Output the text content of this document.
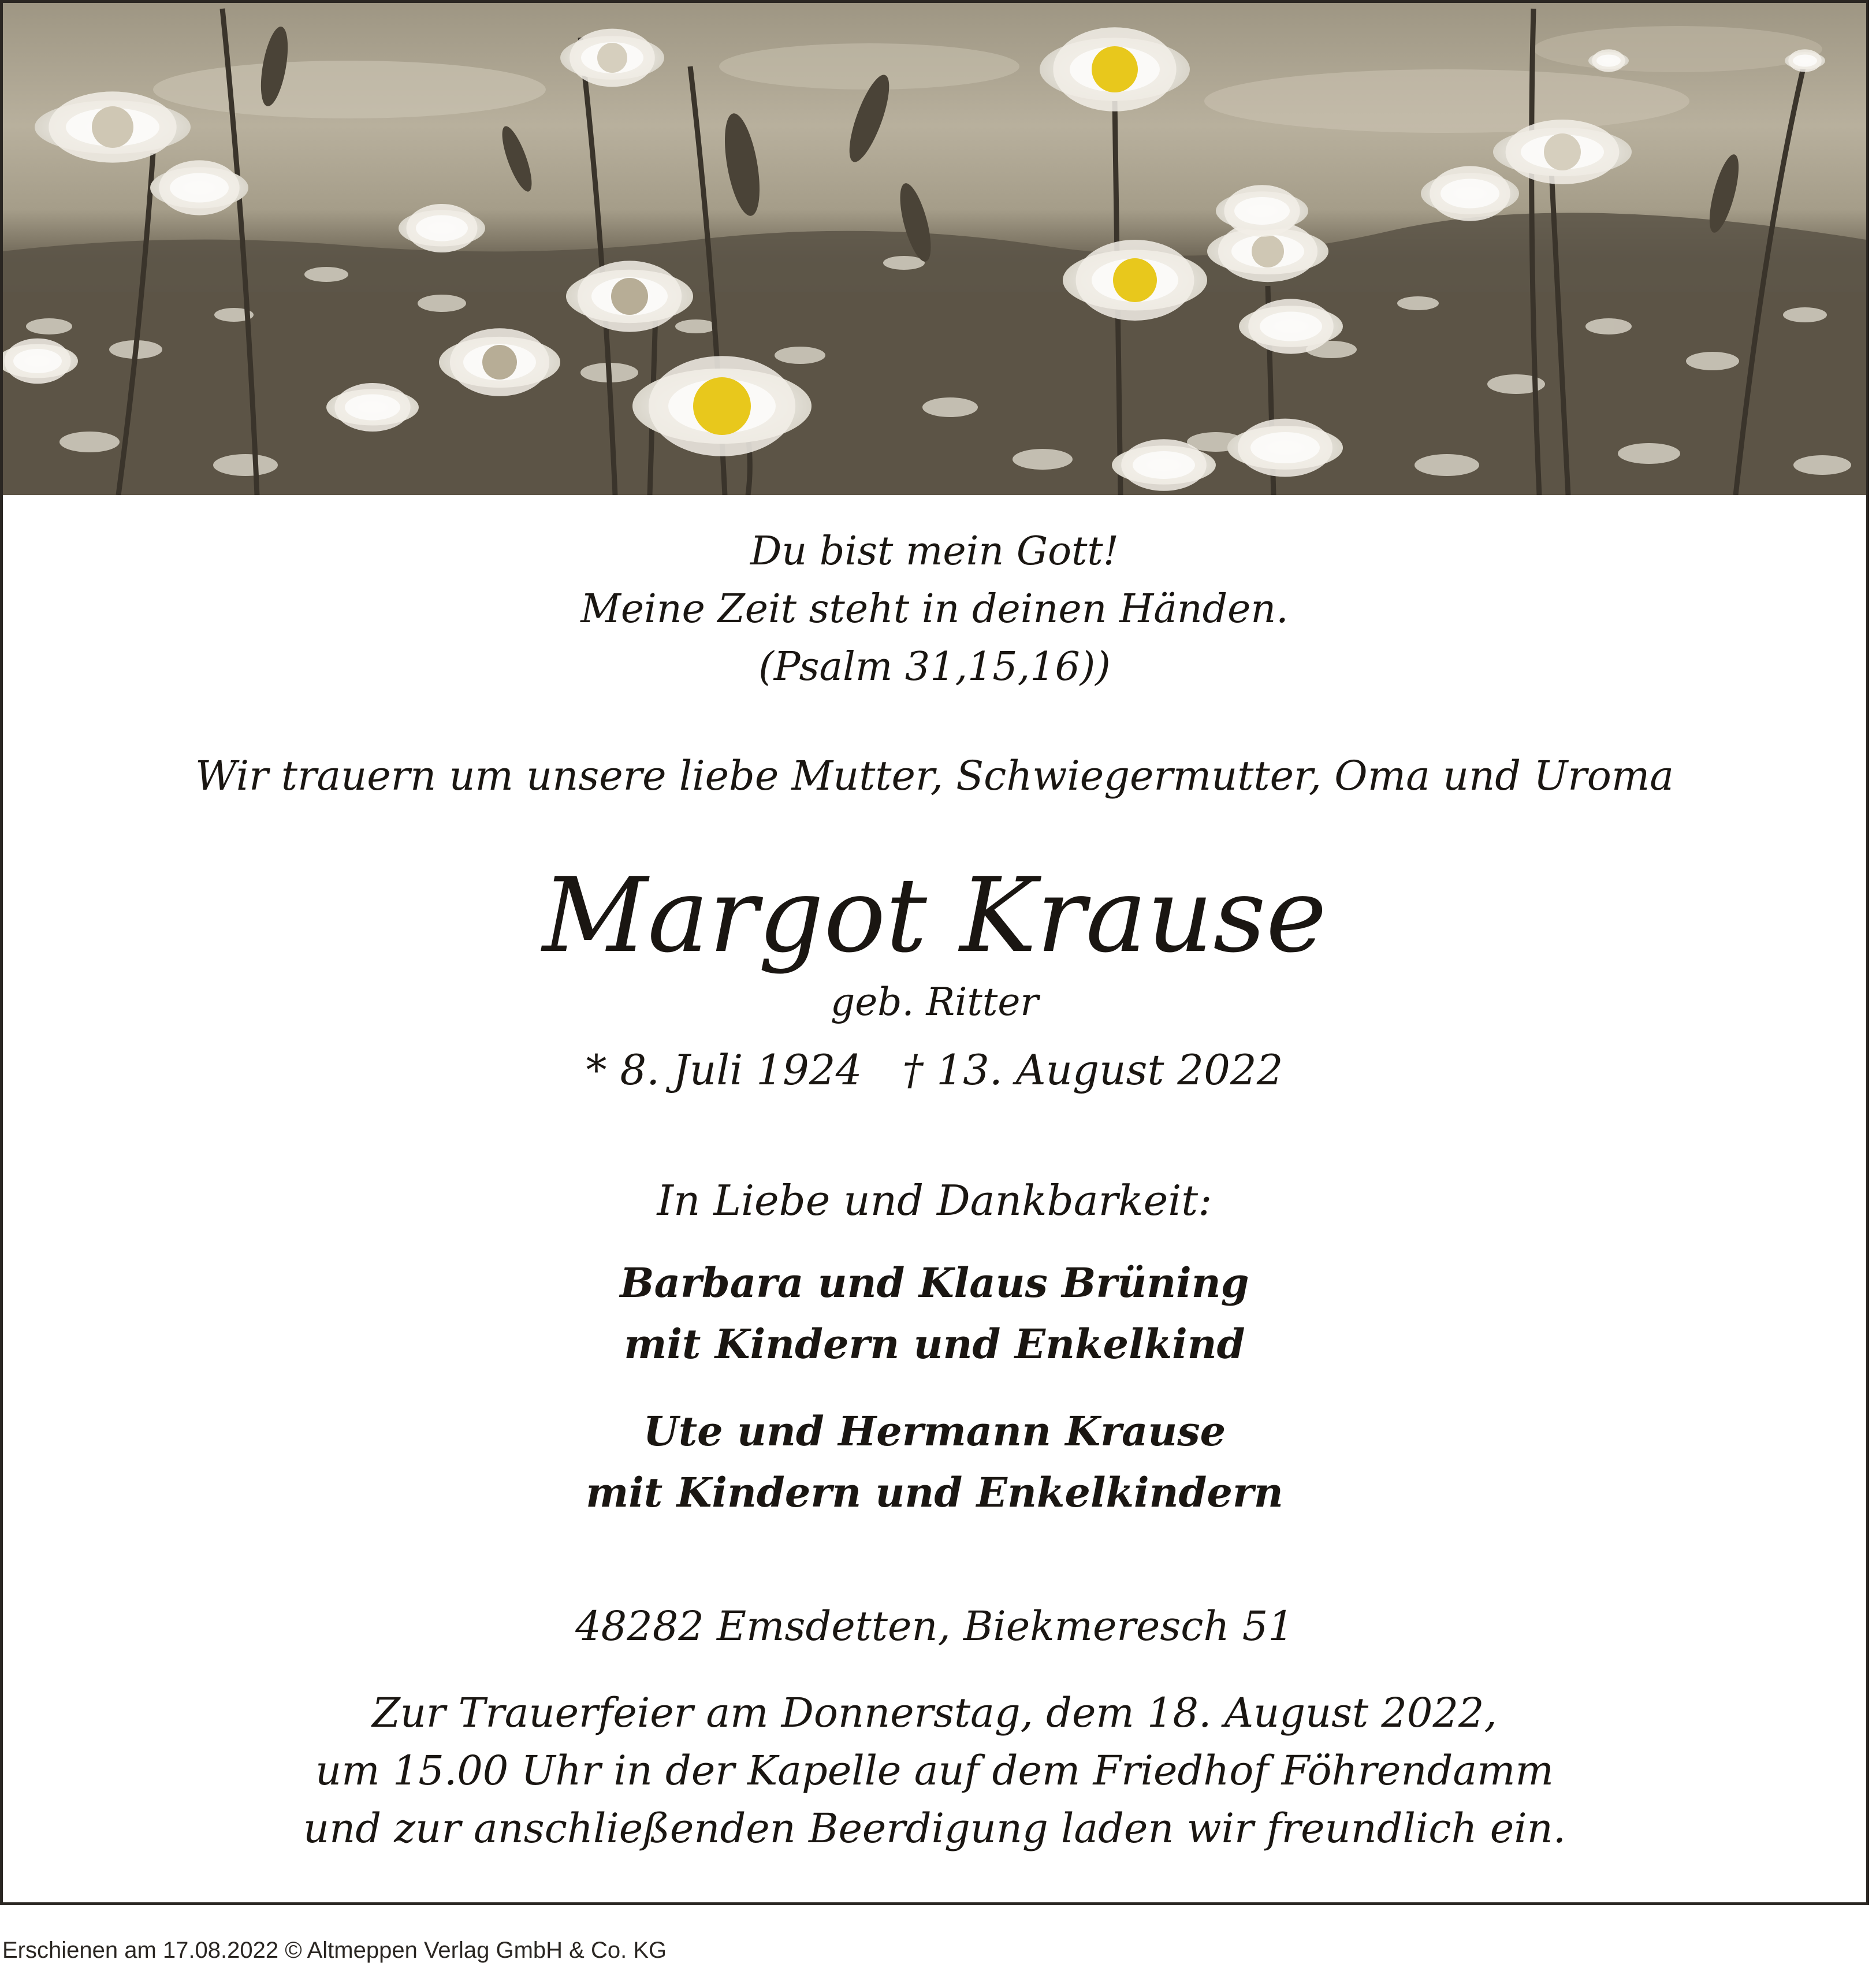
Du bist mein Gott!
Meine Zeit steht in deinen Händen.
(Psalm 31,15,16))

Wir trauern um unsere liebe Mutter, Schwiegermutter, Oma und Uroma

Margot Krause

geb. Ritter

* 8. Juli 1924 † 13. August 2022

In Liebe und Dankbarkeit:

Barbara und Klaus Brüning
mit Kindern und Enkelkind
Ute und Hermann Krause
mit Kindern und Enkelkindern

48282 Emsdetten, Biekmeresch 51

Zur Trauerfeier am Donnerstag, dem 18. August 2022,
um 15.00 Uhr in der Kapelle auf dem Friedhof Föhrendamm
und zur anschließenden Beerdigung laden wir freundlich ein.
Erschienen am 17.08.2022 © Altmeppen Verlag GmbH & Co. KG
